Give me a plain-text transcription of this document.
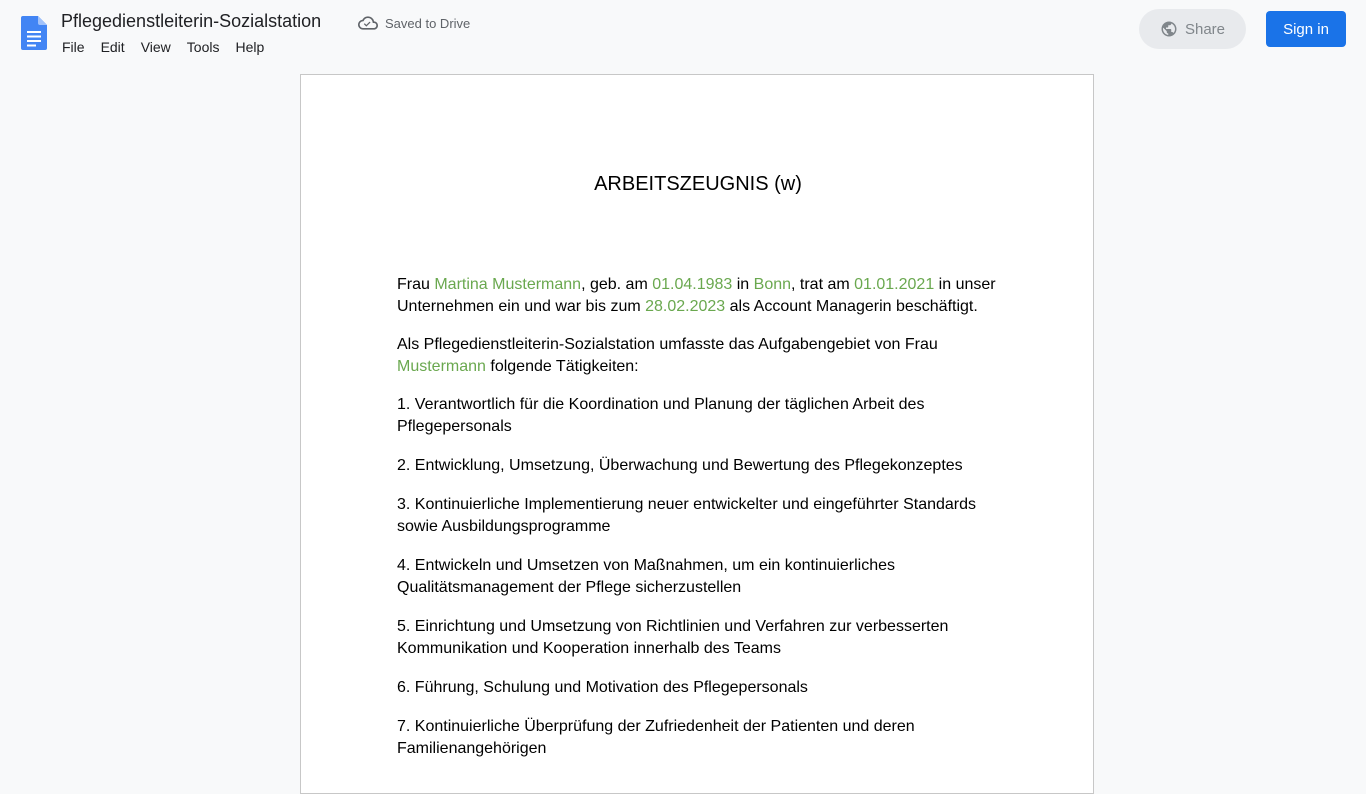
Pflegedienstleiterin-Sozialstation	Saved to Drive
File	Edit	View	Tools	Help
Share	Sign in
ARBEITSZEUGNIS (w)

Frau Martina Mustermann, geb. am 01.04.1983 in Bonn, trat am 01.01.2021 in unser Unternehmen ein und war bis zum 28.02.2023 als Account Managerin beschäftigt.

Als Pflegedienstleiterin-Sozialstation umfasste das Aufgabengebiet von Frau Mustermann folgende Tätigkeiten:

1. Verantwortlich für die Koordination und Planung der täglichen Arbeit des Pflegepersonals

2. Entwicklung, Umsetzung, Überwachung und Bewertung des Pflegekonzeptes

3. Kontinuierliche Implementierung neuer entwickelter und eingeführter Standards sowie Ausbildungsprogramme

4. Entwickeln und Umsetzen von Maßnahmen, um ein kontinuierliches Qualitätsmanagement der Pflege sicherzustellen

5. Einrichtung und Umsetzung von Richtlinien und Verfahren zur verbesserten Kommunikation und Kooperation innerhalb des Teams

6. Führung, Schulung und Motivation des Pflegepersonals

7. Kontinuierliche Überprüfung der Zufriedenheit der Patienten und deren Familienangehörigen
